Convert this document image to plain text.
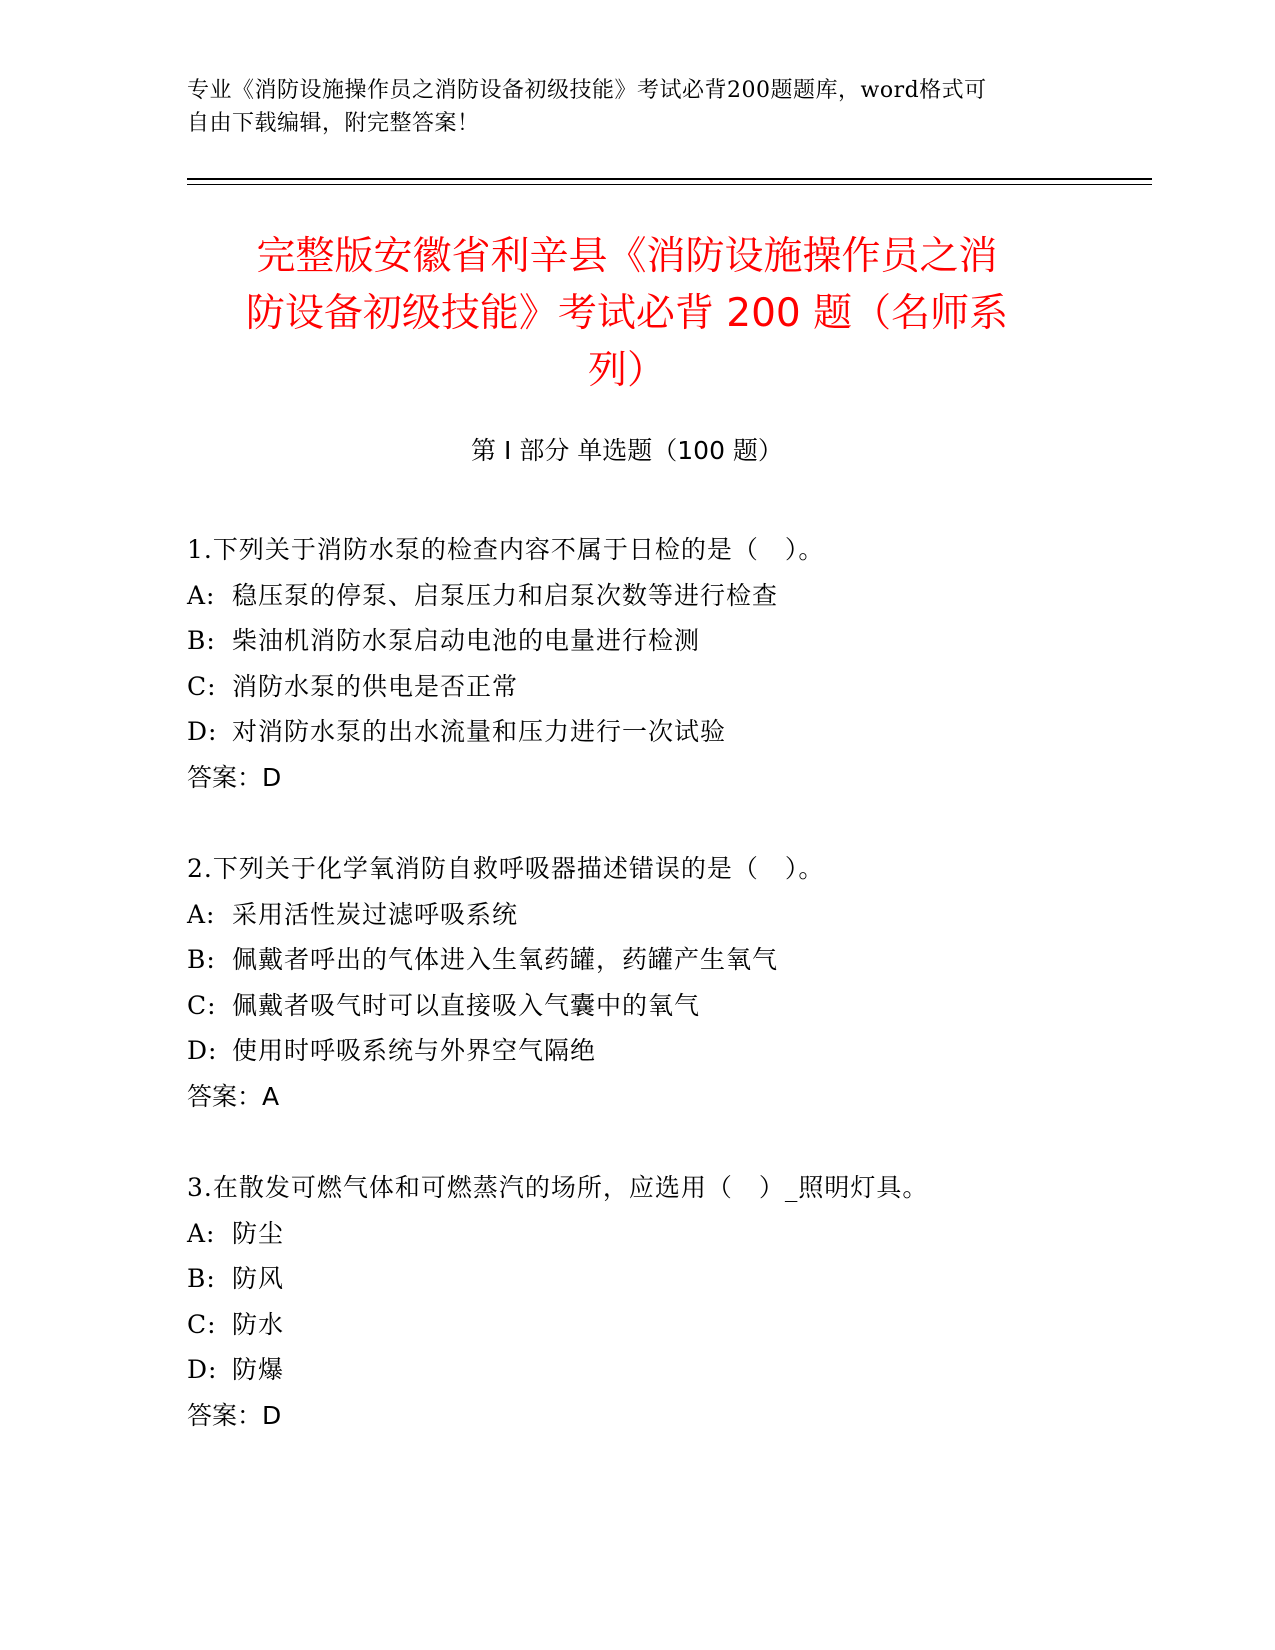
专业《消防设施操作员之消防设备初级技能》考试必背200题题库，word格式可
自由下载编辑，附完整答案！
完整版安徽省利辛县《消防设施操作员之消
防设备初级技能》考试必背 200 题（名师系
列）
第 I 部分 单选题（100 题）
1.下列关于消防水泵的检查内容不属于日检的是（　）。
A: 稳压泵的停泵、启泵压力和启泵次数等进行检查
B: 柴油机消防水泵启动电池的电量进行检测
C: 消防水泵的供电是否正常
D: 对消防水泵的出水流量和压力进行一次试验
答案：D
2.下列关于化学氧消防自救呼吸器描述错误的是（　）。
A: 采用活性炭过滤呼吸系统
B: 佩戴者呼出的气体进入生氧药罐，药罐产生氧气
C: 佩戴者吸气时可以直接吸入气囊中的氧气
D: 使用时呼吸系统与外界空气隔绝
答案：A
3.在散发可燃气体和可燃蒸汽的场所，应选用（　）_照明灯具。
A: 防尘
B: 防风
C: 防水
D: 防爆
答案：D
